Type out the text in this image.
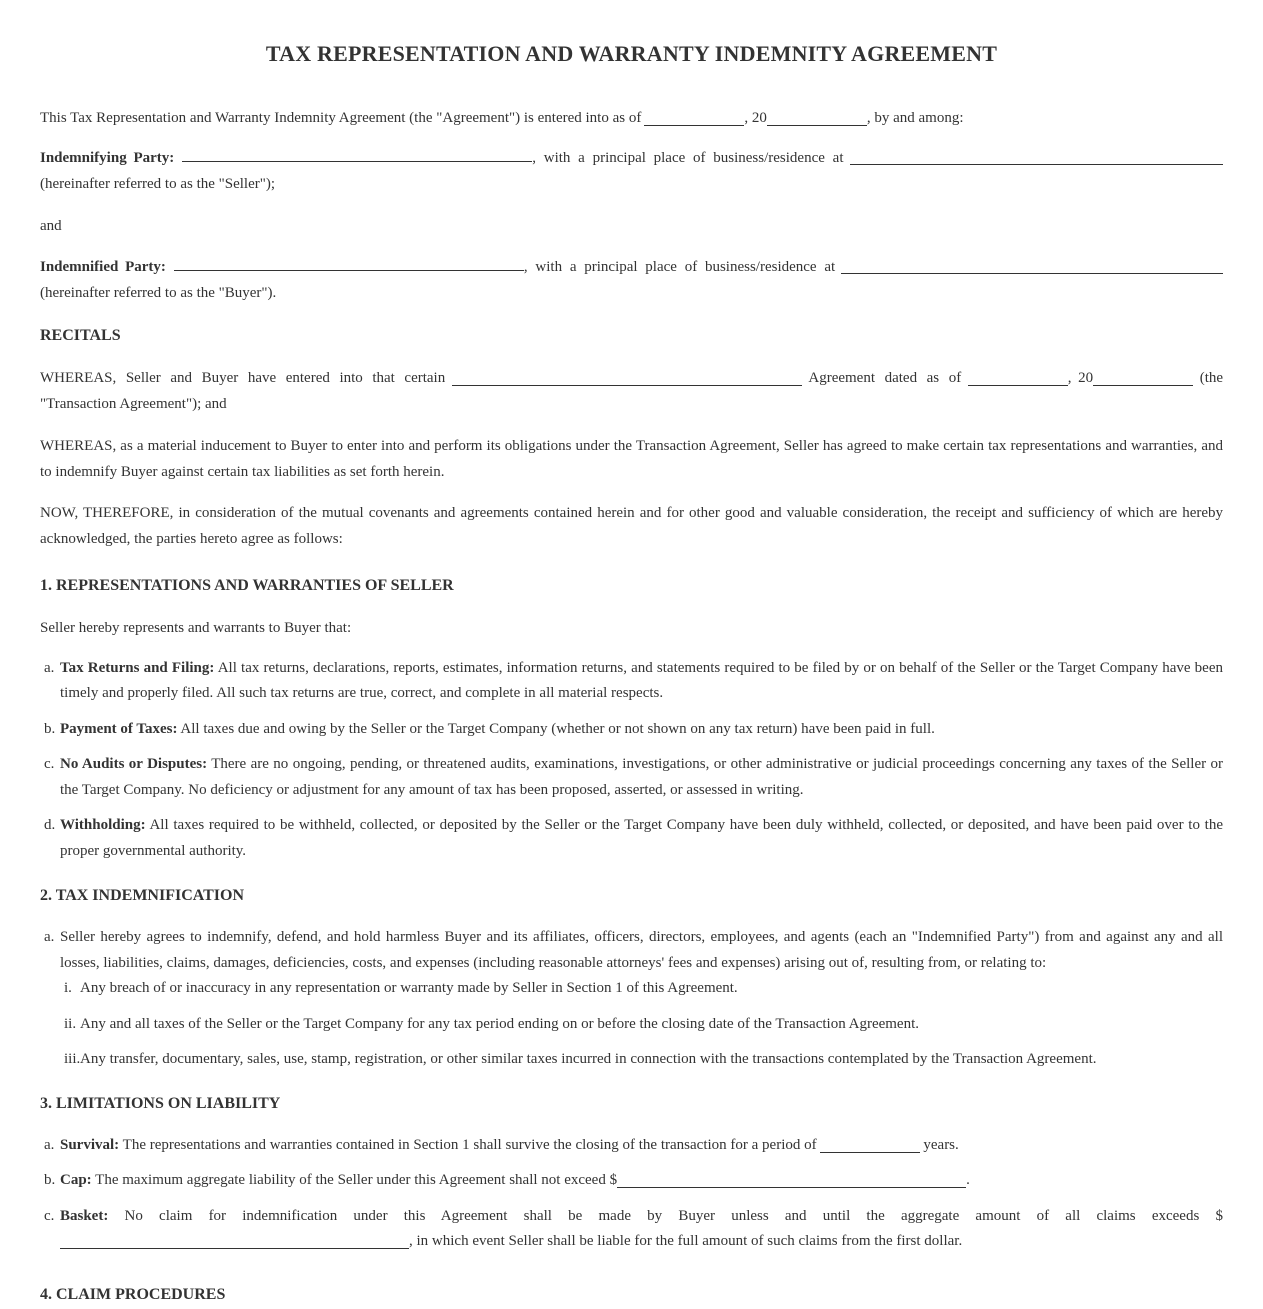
TAX REPRESENTATION AND WARRANTY INDEMNITY AGREEMENT

This Tax Representation and Warranty Indemnity Agreement (the "Agreement") is entered into as of	, 20	, by and among:

Indemnifying Party:	, with a principal place of business/residence at
(hereinafter referred to as the "Seller");

and

Indemnified Party:	, with a principal place of business/residence at
(hereinafter referred to as the "Buyer").

RECITALS

WHEREAS, Seller and Buyer have entered into that certain	Agreement dated as of	, 20	(the "Transaction Agreement"); and

WHEREAS, as a material inducement to Buyer to enter into and perform its obligations under the Transaction Agreement, Seller has agreed to make certain tax representations and warranties, and to indemnify Buyer against certain tax liabilities as set forth herein.

NOW, THEREFORE, in consideration of the mutual covenants and agreements contained herein and for other good and valuable consideration, the receipt and sufficiency of which are hereby acknowledged, the parties hereto agree as follows:

1. REPRESENTATIONS AND WARRANTIES OF SELLER

Seller hereby represents and warrants to Buyer that:

a. Tax Returns and Filing: All tax returns, declarations, reports, estimates, information returns, and statements required to be filed by or on behalf of the Seller or the Target Company have been timely and properly filed. All such tax returns are true, correct, and complete in all material respects.
b. Payment of Taxes: All taxes due and owing by the Seller or the Target Company (whether or not shown on any tax return) have been paid in full.
c. No Audits or Disputes: There are no ongoing, pending, or threatened audits, examinations, investigations, or other administrative or judicial proceedings concerning any taxes of the Seller or the Target Company. No deficiency or adjustment for any amount of tax has been proposed, asserted, or assessed in writing.
d. Withholding: All taxes required to be withheld, collected, or deposited by the Seller or the Target Company have been duly withheld, collected, or deposited, and have been paid over to the proper governmental authority.

2. TAX INDEMNIFICATION

a. Seller hereby agrees to indemnify, defend, and hold harmless Buyer and its affiliates, officers, directors, employees, and agents (each an "Indemnified Party") from and against any and all losses, liabilities, claims, damages, deficiencies, costs, and expenses (including reasonable attorneys' fees and expenses) arising out of, resulting from, or relating to:
i. Any breach of or inaccuracy in any representation or warranty made by Seller in Section 1 of this Agreement.
ii. Any and all taxes of the Seller or the Target Company for any tax period ending on or before the closing date of the Transaction Agreement.
iii. Any transfer, documentary, sales, use, stamp, registration, or other similar taxes incurred in connection with the transactions contemplated by the Transaction Agreement.

3. LIMITATIONS ON LIABILITY

a. Survival: The representations and warranties contained in Section 1 shall survive the closing of the transaction for a period of	years.
b. Cap: The maximum aggregate liability of the Seller under this Agreement shall not exceed $	.
c. Basket: No claim for indemnification under this Agreement shall be made by Buyer unless and until the aggregate amount of all claims exceeds $ , in which event Seller shall be liable for the full amount of such claims from the first dollar.
4. CLAIM PROCEDURES
